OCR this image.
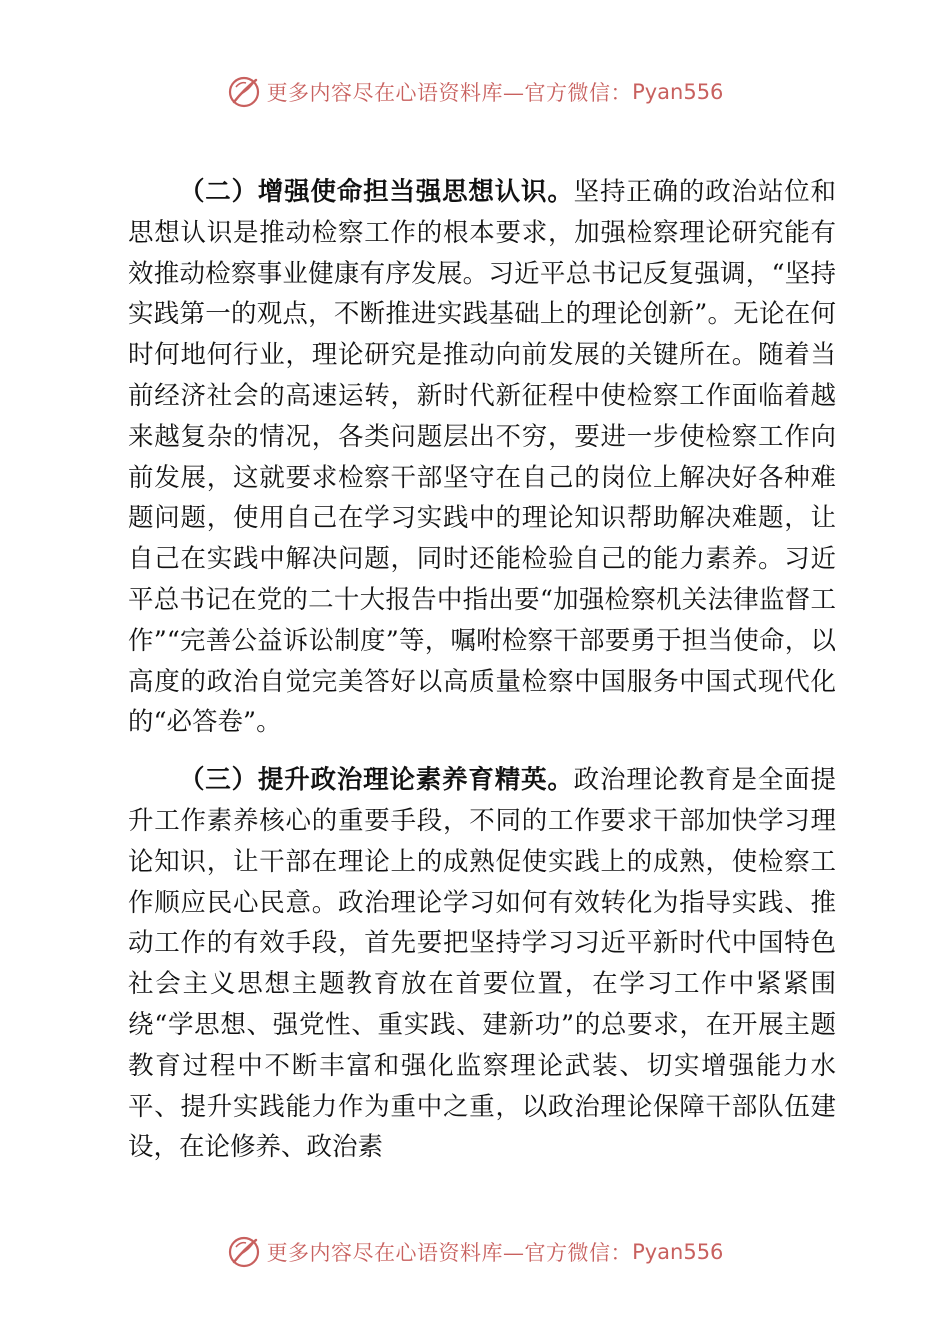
更多内容尽在心语资料库—官方微信： Pyan556

（二）增强使命担当强思想认识。坚持正确的政治站位和思想认识是推动检察工作的根本要求，加强检察理论研究能有效推动检察事业健康有序发展。习近平总书记反复强调，“坚持实践第一的观点，不断推进实践基础上的理论创新”。无论在何时何地何行业，理论研究是推动向前发展的关键所在。随着当前经济社会的高速运转，新时代新征程中使检察工作面临着越来越复杂的情况，各类问题层出不穷，要进一步使检察工作向前发展，这就要求检察干部坚守在自己的岗位上解决好各种难题问题，使用自己在学习实践中的理论知识帮助解决难题，让自己在实践中解决问题，同时还能检验自己的能力素养。习近平总书记在党的二十大报告中指出要“加强检察机关法律监督工作”“完善公益诉讼制度”等，嘱咐检察干部要勇于担当使命，以高度的政治自觉完美答好以高质量检察中国服务中国式现代化的“必答卷”。

（三）提升政治理论素养育精英。政治理论教育是全面提升工作素养核心的重要手段，不同的工作要求干部加快学习理论知识，让干部在理论上的成熟促使实践上的成熟，使检察工作顺应民心民意。政治理论学习如何有效转化为指导实践、推动工作的有效手段，首先要把坚持学习习近平新时代中国特色社会主义思想主题教育放在首要位置，在学习工作中紧紧围绕“学思想、强党性、重实践、建新功”的总要求，在开展主题教育过程中不断丰富和强化监察理论武装、切实增强能力水平、提升实践能力作为重中之重，以政治理论保障干部队伍建设，在论修养、政治素

更多内容尽在心语资料库—官方微信： Pyan556
